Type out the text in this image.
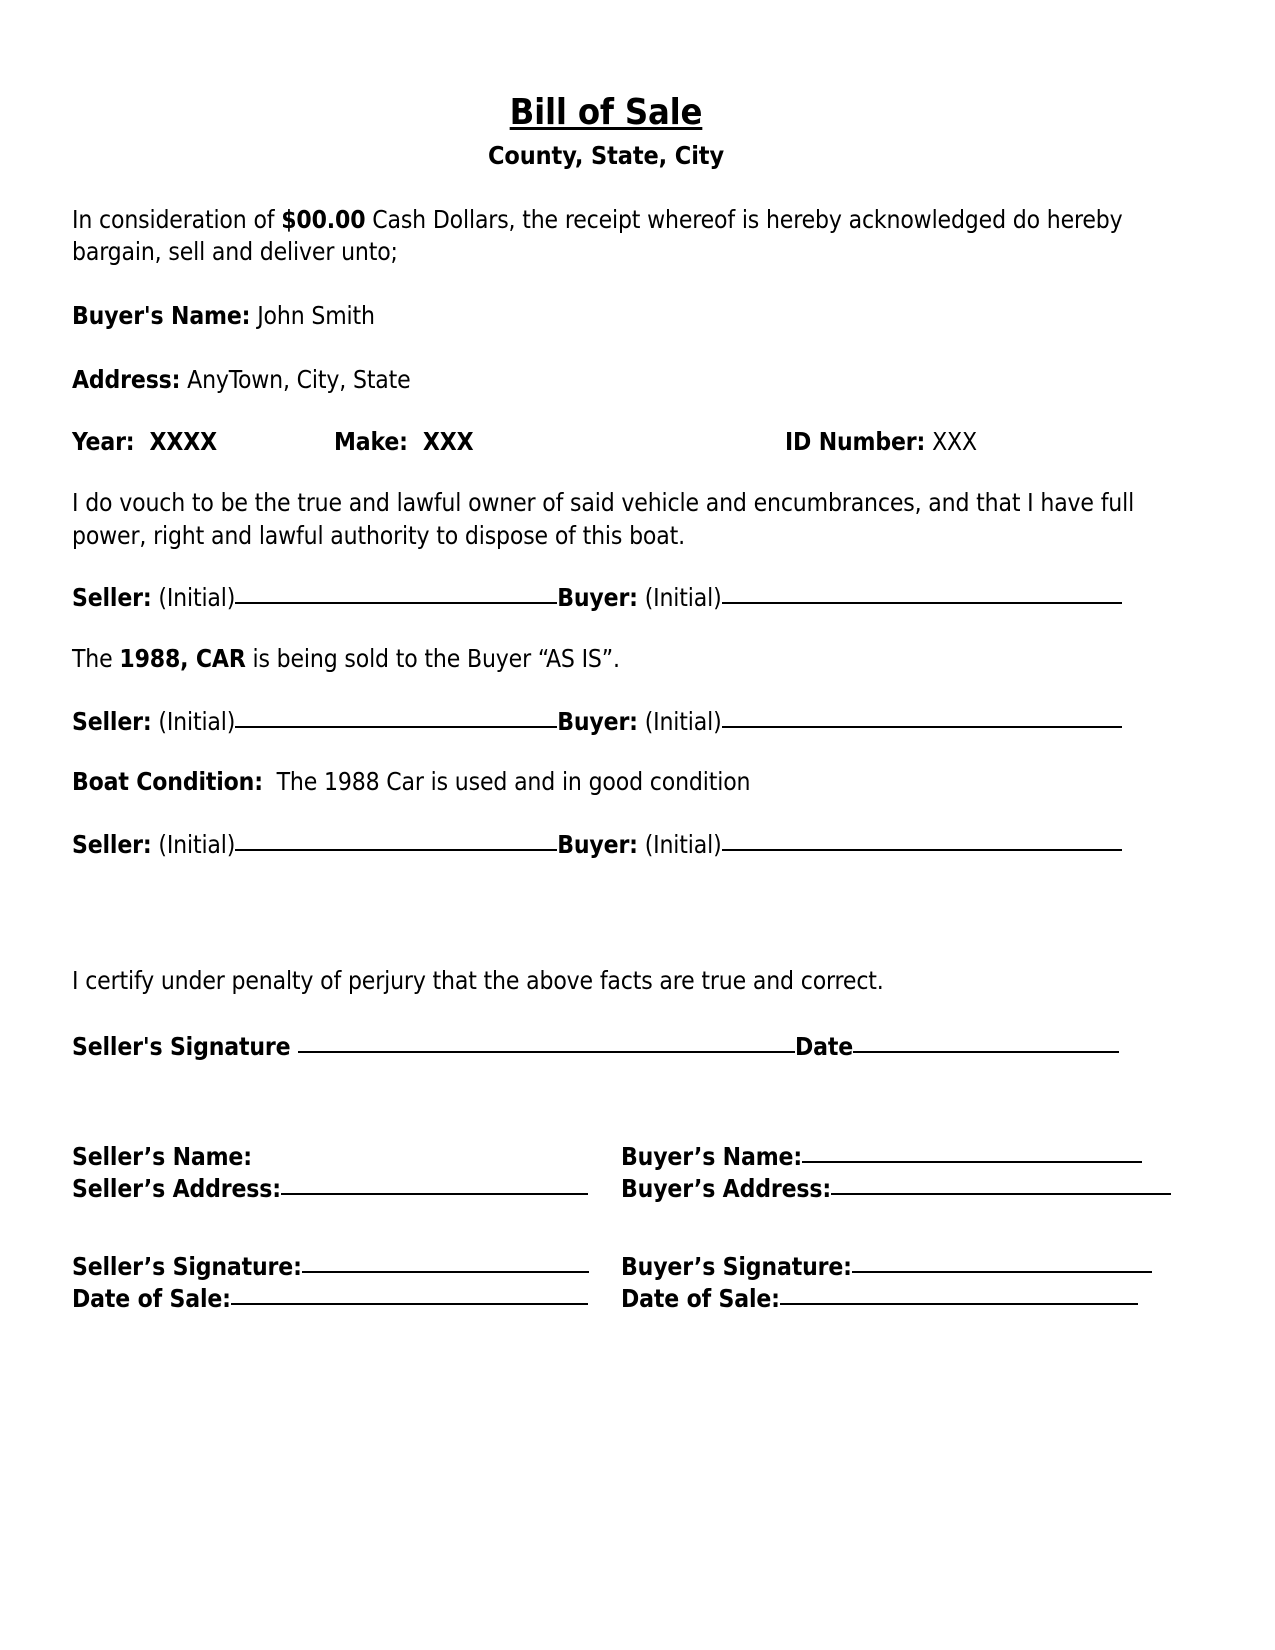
Bill of Sale
County, State, City
In consideration of $00.00 Cash Dollars, the receipt whereof is hereby acknowledged do hereby bargain, sell and deliver unto;
Buyer's Name: John Smith
Address: AnyTown, City, State
Year: XXXX	Make: XXX	ID Number: XXX
I do vouch to be the true and lawful owner of said vehicle and encumbrances, and that I have full power, right and lawful authority to dispose of this boat.
Seller: (Initial)	Buyer: (Initial)
The 1988, CAR is being sold to the Buyer “AS IS”.
Seller: (Initial)	Buyer: (Initial)
Boat Condition: The 1988 Car is used and in good condition
Seller: (Initial)	Buyer: (Initial)
I certify under penalty of perjury that the above facts are true and correct.
Seller's Signature	Date
Seller’s Name:
Seller’s Address:
Buyer’s Name:
Buyer’s Address:
Seller’s Signature:
Date of Sale:
Buyer’s Signature:
Date of Sale:
